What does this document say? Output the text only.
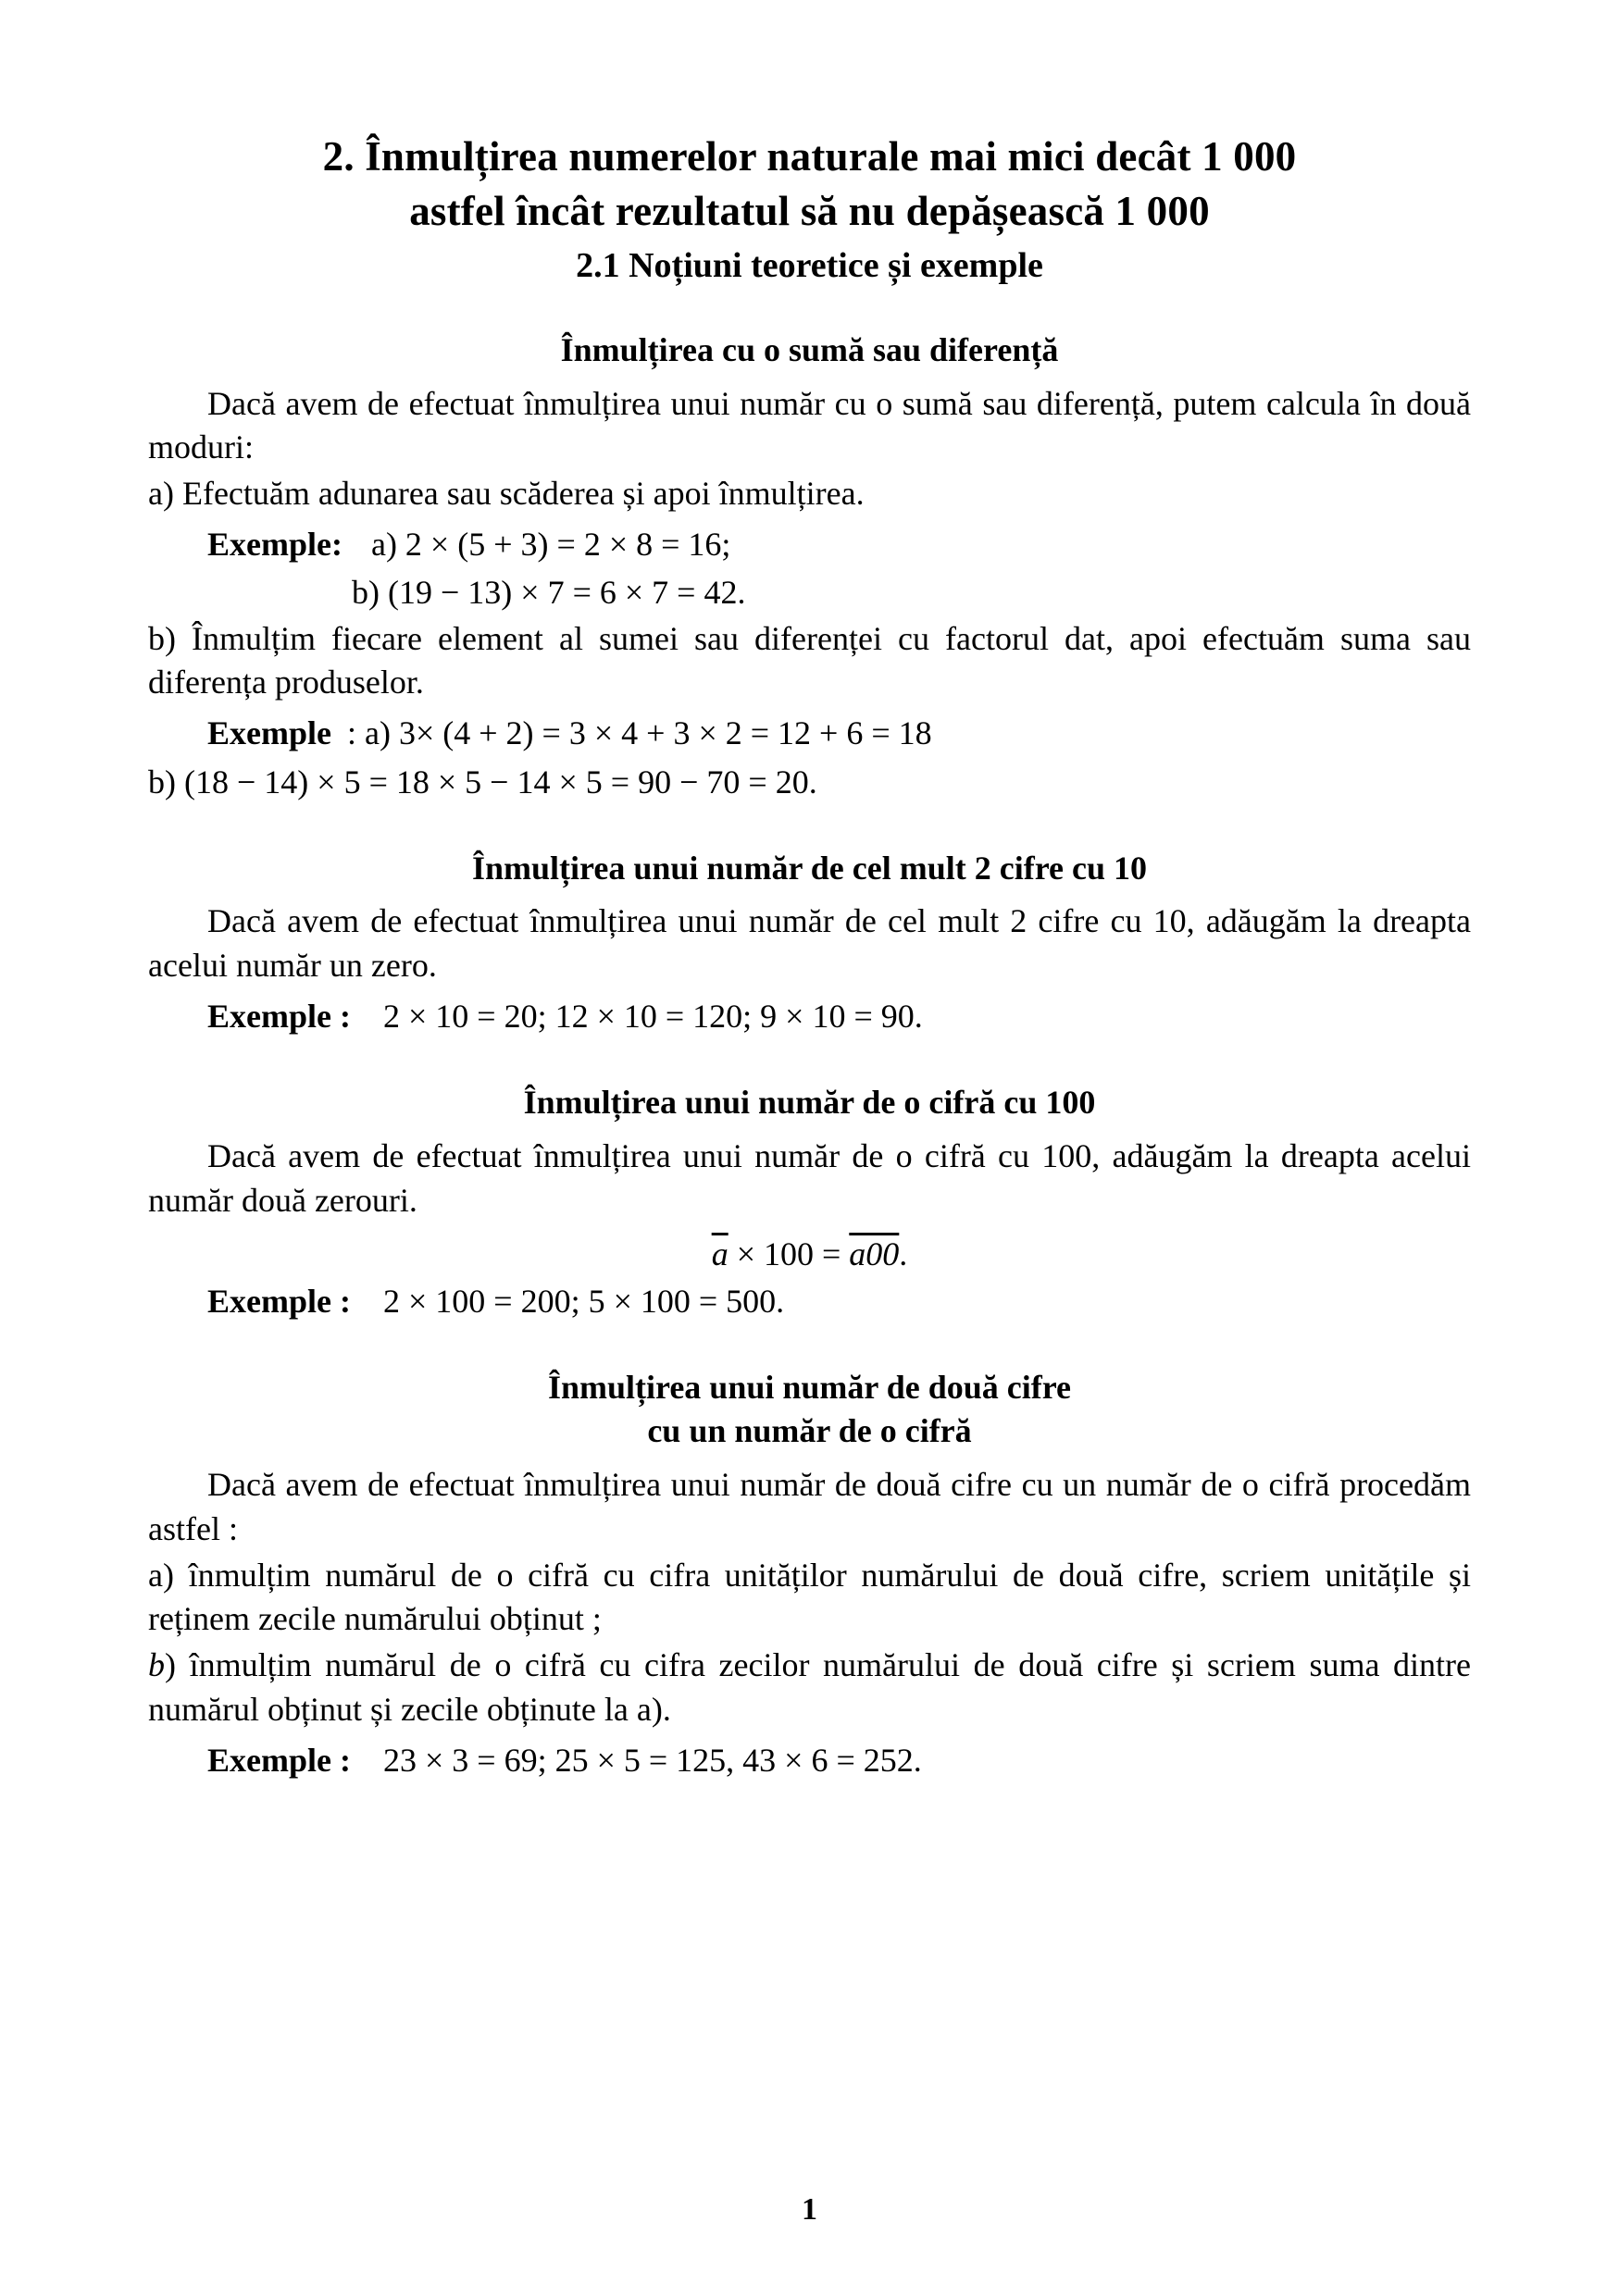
2. Înmulțirea numerelor naturale mai mici decât 1 000
astfel încât rezultatul să nu depășească 1 000
2.1 Noțiuni teoretice și exemple
Înmulțirea cu o sumă sau diferență

Dacă avem de efectuat înmulțirea unui număr cu o sumă sau diferență, putem calcula în două moduri:

a) Efectuăm adunarea sau scăderea și apoi înmulțirea.

Exemple: a) 2 × (5 + 3) = 2 × 8 = 16;
b) (19 − 13) × 7 = 6 × 7 = 42.

b) Înmulțim fiecare element al sumei sau diferenței cu factorul dat, apoi efectuăm suma sau diferența produselor.

Exemple : a) 3× (4 + 2) = 3 × 4 + 3 × 2 = 12 + 6 = 18
b) (18 − 14) × 5 = 18 × 5 − 14 × 5 = 90 − 70 = 20.
Înmulțirea unui număr de cel mult 2 cifre cu 10

Dacă avem de efectuat înmulțirea unui număr de cel mult 2 cifre cu 10, adăugăm la dreapta acelui număr un zero.

Exemple : 2 × 10 = 20; 12 × 10 = 120; 9 × 10 = 90.
Înmulțirea unui număr de o cifră cu 100

Dacă avem de efectuat înmulțirea unui număr de o cifră cu 100, adăugăm la dreapta acelui număr două zerouri.

$\overline{a} \times 100 = a00$.
Exemple : 2 × 100 = 200; 5 × 100 = 500.
Înmulțirea unui număr de două cifre
cu un număr de o cifră

Dacă avem de efectuat înmulțirea unui număr de două cifre cu un număr de o cifră procedăm astfel :

a) înmulțim numărul de o cifră cu cifra unităților numărului de două cifre, scriem unitățile și reținem zecile numărului obținut ;

b) înmulțim numărul de o cifră cu cifra zecilor numărului de două cifre și scriem suma dintre numărul obținut și zecile obținute la a).

Exemple : 23 × 3 = 69; 25 × 5 = 125, 43 × 6 = 252.
1
